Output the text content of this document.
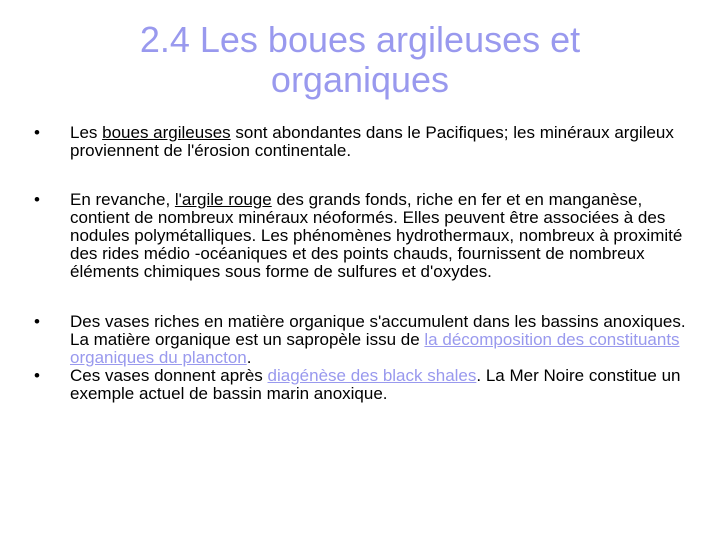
2.4 Les boues argileuses et
organiques
• Les boues argileuses sont abondantes dans le Pacifiques; les minéraux argileux proviennent de l'érosion continentale.
• En revanche, l'argile rouge des grands fonds, riche en fer et en manganèse, contient de nombreux minéraux néoformés. Elles peuvent être associées à des nodules polymétalliques. Les phénomènes hydrothermaux, nombreux à proximité des rides médio -océaniques et des points chauds, fournissent de nombreux éléments chimiques sous forme de sulfures et d'oxydes.
• Des vases riches en matière organique s'accumulent dans les bassins anoxiques. La matière organique est un sapropèle issu de la décomposition des constituants organiques du plancton.
• Ces vases donnent après diagénèse des black shales. La Mer Noire constitue un exemple actuel de bassin marin anoxique.
